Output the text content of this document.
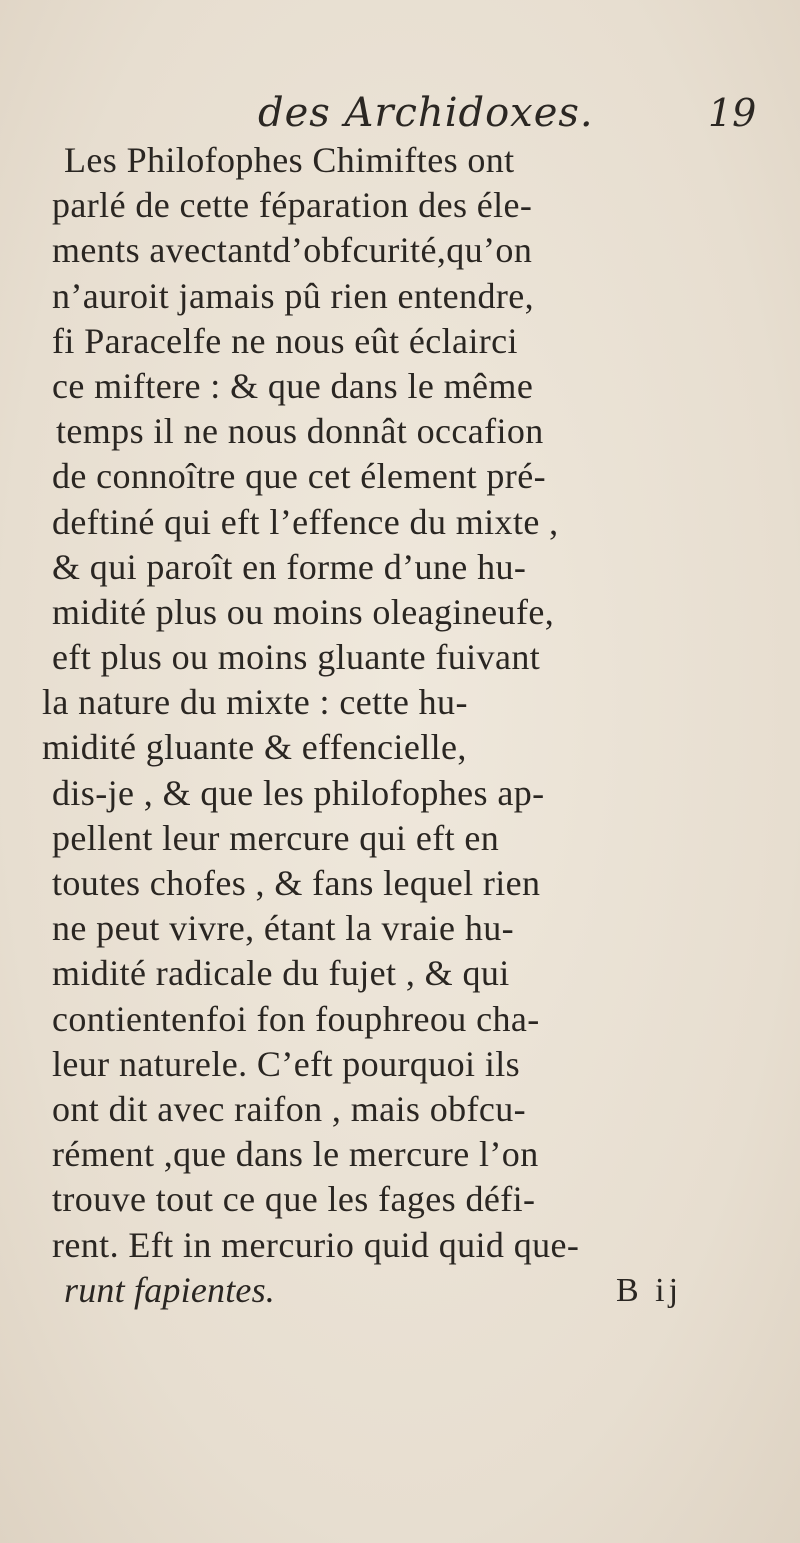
des Archidoxes.	19
Les Philofophes Chimiftes ont
parlé de cette féparation des éle-
ments avectantd’obfcurité,qu’on
n’auroit jamais pû rien entendre,
fi Paracelfe ne nous eût éclairci
ce miftere : & que dans le même
temps il ne nous donnât occafion
de connoître que cet élement pré-
deftiné qui eft l’effence du mixte ,
& qui paroît en forme d’une hu-
midité plus ou moins oleagineufe,
eft plus ou moins gluante fuivant
la nature du mixte : cette hu-
midité gluante & effencielle,
dis-je , & que les philofophes ap-
pellent leur mercure qui eft en
toutes chofes , & fans lequel rien
ne peut vivre, étant la vraie hu-
midité radicale du fujet , & qui
contientenfoi fon fouphreou cha-
leur naturele. C’eft pourquoi ils
ont dit avec raifon , mais obfcu-
rément ,que dans le mercure l’on
trouve tout ce que les fages défi-
rent. Eft in mercurio quid quid que-
runt fapientes.	B ij
